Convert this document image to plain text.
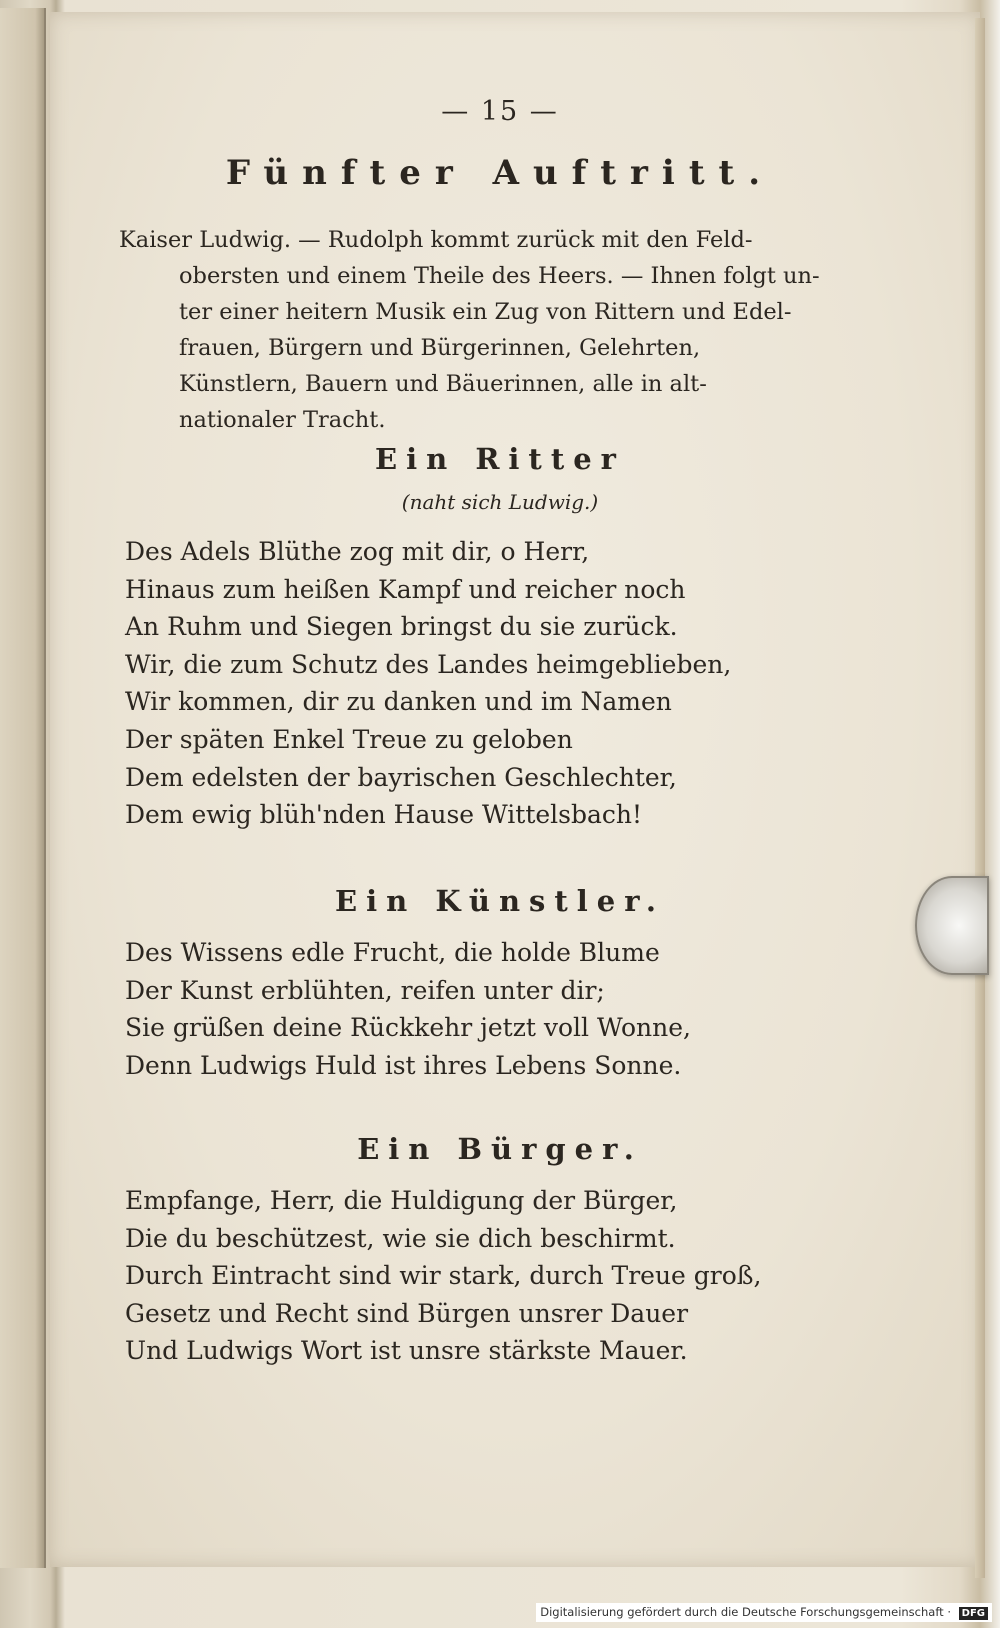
— 15 —
Fünfter Auftritt.
Kaiser Ludwig. — Rudolph kommt zurück mit den Feld-
obersten und einem Theile des Heers. — Ihnen folgt un-
ter einer heitern Musik ein Zug von Rittern und Edel-
frauen, Bürgern und Bürgerinnen, Gelehrten,
Künstlern, Bauern und Bäuerinnen, alle in alt-
nationaler Tracht.
Ein Ritter
(naht sich Ludwig.)
Des Adels Blüthe zog mit dir, o Herr,
Hinaus zum heißen Kampf und reicher noch
An Ruhm und Siegen bringst du sie zurück.
Wir, die zum Schutz des Landes heimgeblieben,
Wir kommen, dir zu danken und im Namen
Der späten Enkel Treue zu geloben
Dem edelsten der bayrischen Geschlechter,
Dem ewig blüh'nden Hause Wittelsbach!
Ein Künstler.
Des Wissens edle Frucht, die holde Blume
Der Kunst erblühten, reifen unter dir;
Sie grüßen deine Rückkehr jetzt voll Wonne,
Denn Ludwigs Huld ist ihres Lebens Sonne.
Ein Bürger.
Empfange, Herr, die Huldigung der Bürger,
Die du beschützest, wie sie dich beschirmt.
Durch Eintracht sind wir stark, durch Treue groß,
Gesetz und Recht sind Bürgen unsrer Dauer
Und Ludwigs Wort ist unsre stärkste Mauer.
Digitalisierung gefördert durch die Deutsche Forschungsgemeinschaft · DFG
